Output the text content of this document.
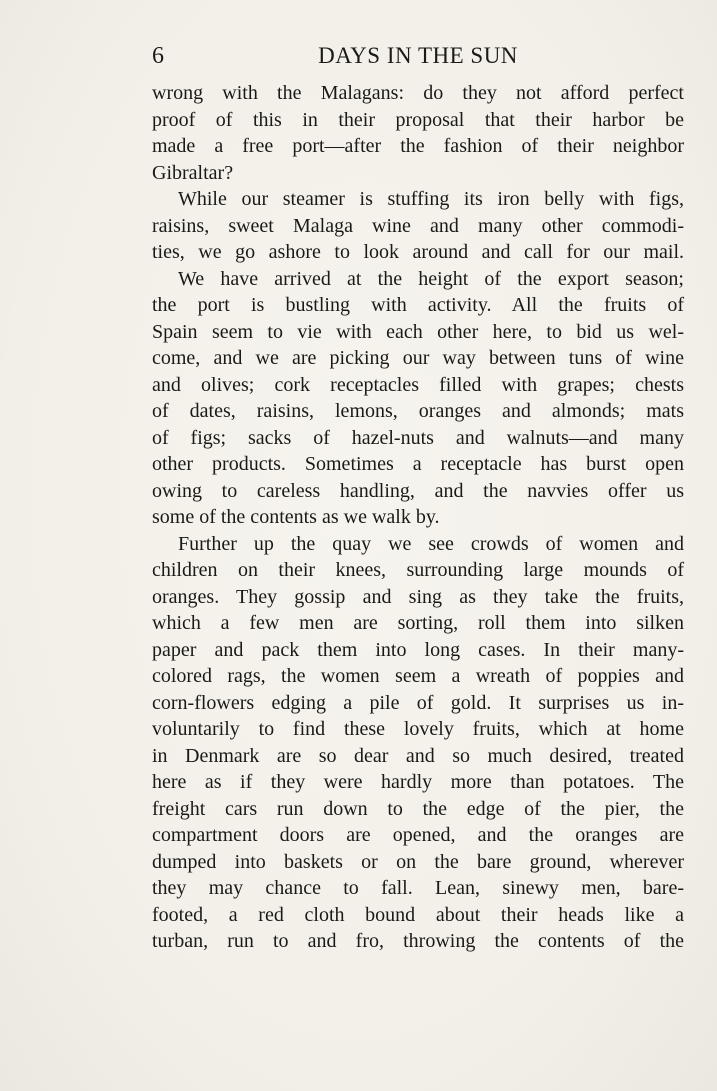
6	DAYS IN THE SUN
wrong with the Malagans: do they not afford perfect
proof of this in their proposal that their harbor be
made a free port—after the fashion of their neighbor
Gibraltar?
While our steamer is stuffing its iron belly with figs,
raisins, sweet Malaga wine and many other commodi-
ties, we go ashore to look around and call for our mail.
We have arrived at the height of the export season;
the port is bustling with activity. All the fruits of
Spain seem to vie with each other here, to bid us wel-
come, and we are picking our way between tuns of wine
and olives; cork receptacles filled with grapes; chests
of dates, raisins, lemons, oranges and almonds; mats
of figs; sacks of hazel-nuts and walnuts—and many
other products. Sometimes a receptacle has burst open
owing to careless handling, and the navvies offer us
some of the contents as we walk by.
Further up the quay we see crowds of women and
children on their knees, surrounding large mounds of
oranges. They gossip and sing as they take the fruits,
which a few men are sorting, roll them into silken
paper and pack them into long cases. In their many-
colored rags, the women seem a wreath of poppies and
corn-flowers edging a pile of gold. It surprises us in-
voluntarily to find these lovely fruits, which at home
in Denmark are so dear and so much desired, treated
here as if they were hardly more than potatoes. The
freight cars run down to the edge of the pier, the
compartment doors are opened, and the oranges are
dumped into baskets or on the bare ground, wherever
they may chance to fall. Lean, sinewy men, bare-
footed, a red cloth bound about their heads like a
turban, run to and fro, throwing the contents of the
